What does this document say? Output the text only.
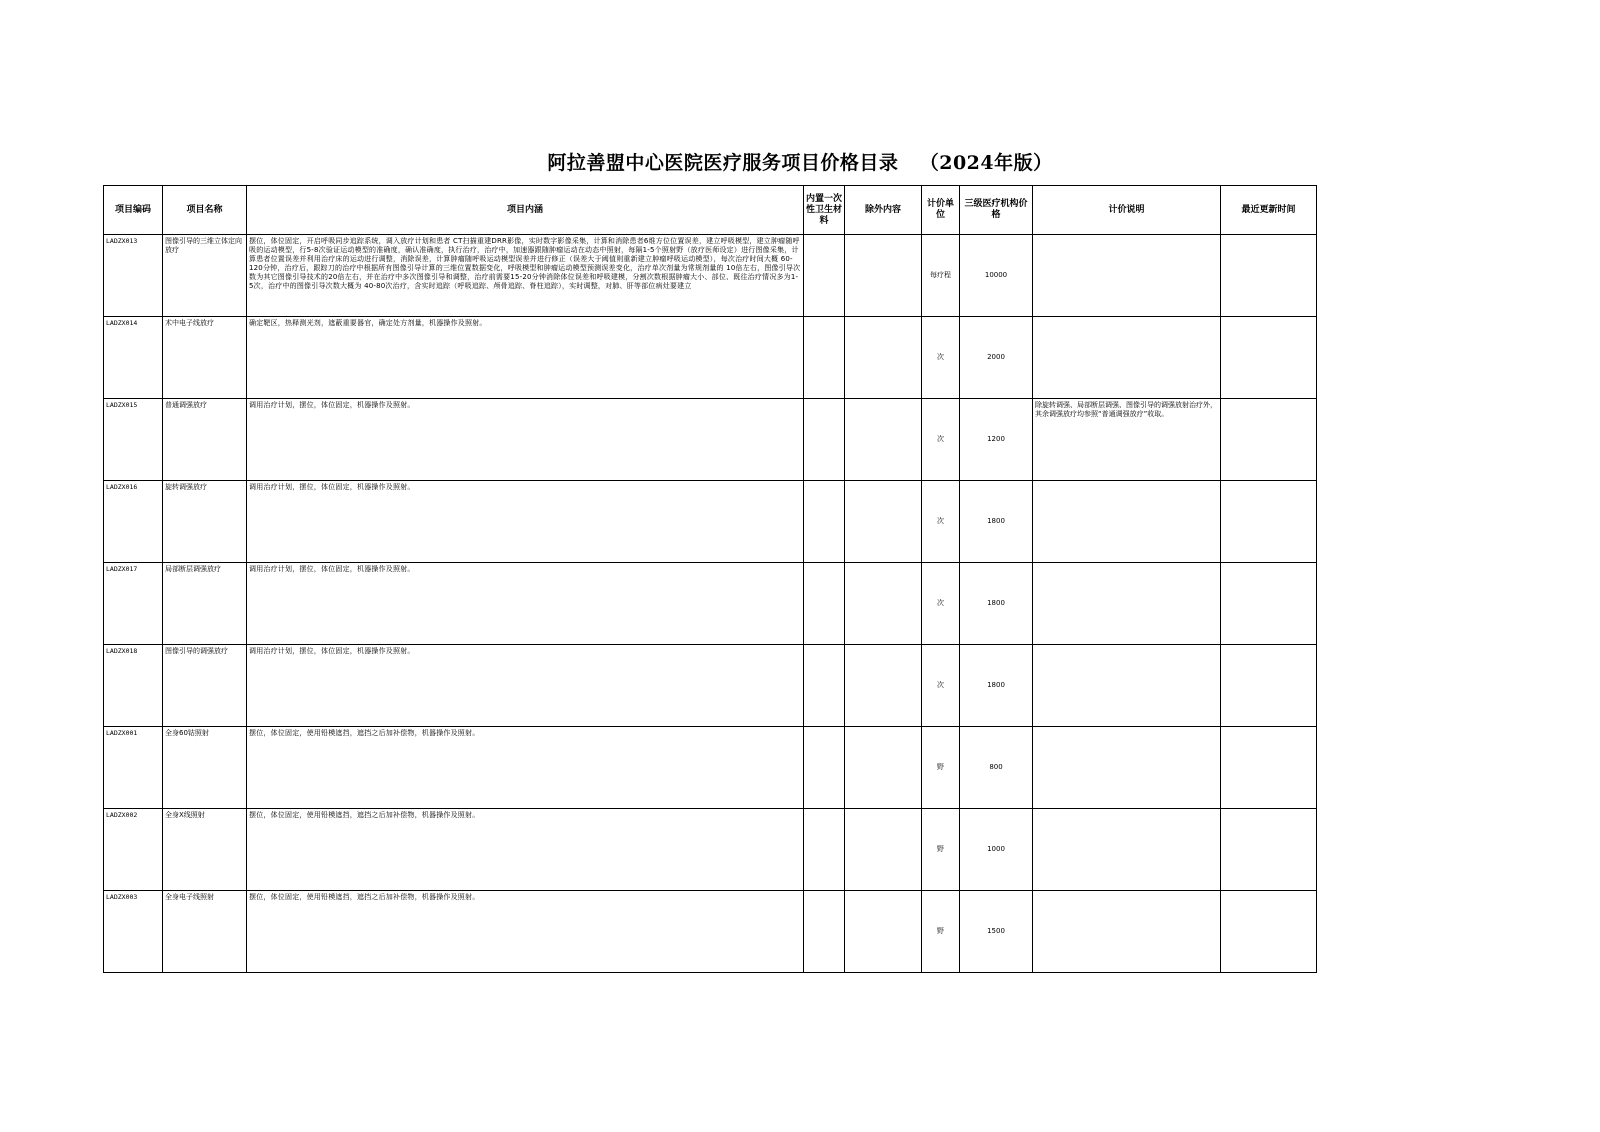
阿拉善盟中心医院医疗服务项目价格目录   （2024年版）
项目编码	项目名称	项目内涵	内置一次性卫生材料	除外内容	计价单位	三级医疗机构价格	计价说明	最近更新时间
LADZX013	图像引导的三维立体定向放疗	摆位，体位固定，开启呼吸同步追踪系统，调入放疗计划和患者 CT扫描重建DRR影像，实时数字影像采集，计算和消除患者6维方位位置误差，建立呼吸模型，建立肿瘤随呼吸的运动模型，行5-8次验证运动模型的准确度，确认准确度，执行治疗，治疗中，加速器跟随肿瘤运动在动态中照射，每隔1-5个照射野（放疗医师设定）进行图像采集，计算患者位置误差并利用治疗床的运动进行调整，消除误差，计算肿瘤随呼吸运动模型误差并进行修正（误差大于阈值则重新建立肿瘤呼吸运动模型），每次治疗时间大概 60-120分钟，治疗后，跟踪刀的治疗中根据所有图像引导计算的三维位置数据变化，呼吸模型和肿瘤运动模型预测误差变化，治疗单次剂量为常规剂量的 10倍左右，图像引导次数为其它图像引导技术的20倍左右，并在治疗中多次图像引导和调整，治疗前需要15-20分钟消除体位误差和呼吸建模，分割次数根据肿瘤大小、部位、既往治疗情况多为1-5次，治疗中的图像引导次数大概为 40-80次治疗，含实时追踪（呼吸追踪、颅骨追踪、脊柱追踪），实时调整，对肺、肝等部位病灶要建立			每疗程	10000		
LADZX014	术中电子线放疗	确定靶区，热释测光剂，遮蔽重要器官，确定处方剂量，机器操作及照射。			次	2000		
LADZX015	普通调强放疗	调用治疗计划，摆位，体位固定，机器操作及照射。			次	1200	除旋转调强、局部断层调强、图像引导的调强放射治疗外，其余调强放疗均参照“普通调强放疗”收取。	
LADZX016	旋转调强放疗	调用治疗计划，摆位，体位固定，机器操作及照射。			次	1800		
LADZX017	局部断层调强放疗	调用治疗计划，摆位，体位固定，机器操作及照射。			次	1800		
LADZX018	图像引导的调强放疗	调用治疗计划，摆位，体位固定，机器操作及照射。			次	1800		
LADZX001	全身60钴照射	摆位，体位固定，使用铅模遮挡，遮挡之后加补偿物，机器操作及照射。			野	800		
LADZX002	全身X线照射	摆位，体位固定，使用铅模遮挡，遮挡之后加补偿物，机器操作及照射。			野	1000		
LADZX003	全身电子线照射	摆位，体位固定，使用铅模遮挡，遮挡之后加补偿物，机器操作及照射。			野	1500		
